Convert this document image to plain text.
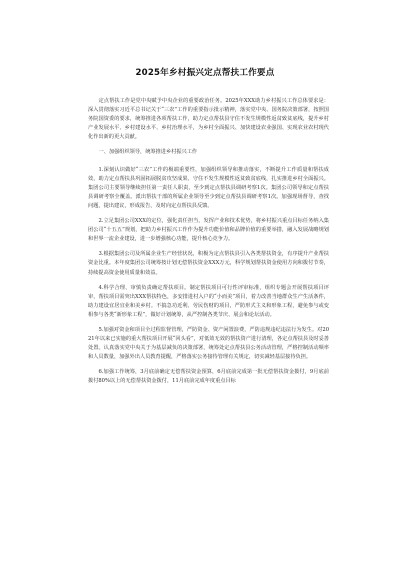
2025年乡村振兴定点帮扶工作要点

定点帮扶工作是党中央赋予中央企业的重要政治任务。2025年XXX助力乡村振兴工作总体要求是：深入贯彻落实习近平总书记关于“三农”工作的重要指示批示精神，落实党中央、国务院决策部署，按照国务院国资委的要求，统筹推进各项帮扶工作，助力定点帮扶县守住不发生规模性返贫致贫底线，提升乡村产业发展水平、乡村建设水平、乡村治理水平，为乡村全面振兴、加快建设农业强国、实现农业农村现代化作出新的更大贡献。

一、加强组织领导，统筹推进乡村振兴工作

1.深刻认识做好“三农”工作的极端重要性，加强组织领导和推动落实，不断提升工作质量和帮扶成效，助力定点帮扶县巩固拓展脱贫攻坚成果、守住不发生规模性返贫致贫底线，扎实推进乡村全面振兴。集团公司主要领导继续担任第一责任人职责，至少到定点帮扶县调研考察1次。集团公司领导和定点帮扶县调研考察全覆盖。派出帮扶干部的所属企业领导至少到定点帮扶县调研考察1次。加强现场督导，查找问题，提出建议，形成报告，及时向定点帮扶县反馈。

2.立足集团公司XXX的定位，强化责任担当，发挥产业和技术优势，将乡村振兴重点目标任务纳入集团公司“十五五”规划，把助力乡村振兴工作作为提升功能价值和品牌价值的重要举措，融入发展战略规划和世界一流企业建设，进一步增强核心功能，提升核心竞争力。

3.根据集团公司及所属企业生产经营状况，积极为定点帮扶县引入各类帮扶资金，有序提升产业帮扶资金比重。本年度集团公司统筹按计划无偿帮扶资金XXX万元，科学规划帮扶资金使用方向和拨付节奏，持续提高资金使用质量和效益。

4.科学合理、审慎负责确定帮扶项目。制定帮扶项目可行性评审标准，组织专题会开展帮扶项目评审，帮扶项目需突出XXX帮扶特色，多安排进村入户的“小而美”项目，着力改善当地群众生产生活条件，助力建设宜居宜业和美乡村。不搞急功近利、劳民伤财的项目，严防形式主义和形象工程，避免参与或变相参与各类“新形象工程”，做好计划统筹，从严控制各类节庆、展会和论坛活动。

5.加强对资金和项目全过程监督管理，严防资金、资产闲置浪费，严防违规违纪违法行为发生。对2021年以来已实施的重大帮扶项目开展“回头看”，对低效无效的帮扶资产进行清理，各定点帮扶县及时妥善处置。认真落实党中央关于为基层减负的决策部署，统筹处定点帮扶县公务活动管理，严格控制活动频率和人员数量，加强外出人员教育提醒，严格落实公务接待管理有关规定，切实减轻基层接待负担。

6.加强工作统筹，3月底前确定无偿帮扶资金预算，6月底前完成第一批无偿帮扶资金拨付，9月底前拨付80%以上的无偿帮扶资金拨付，11月底前完成年度重点目标
